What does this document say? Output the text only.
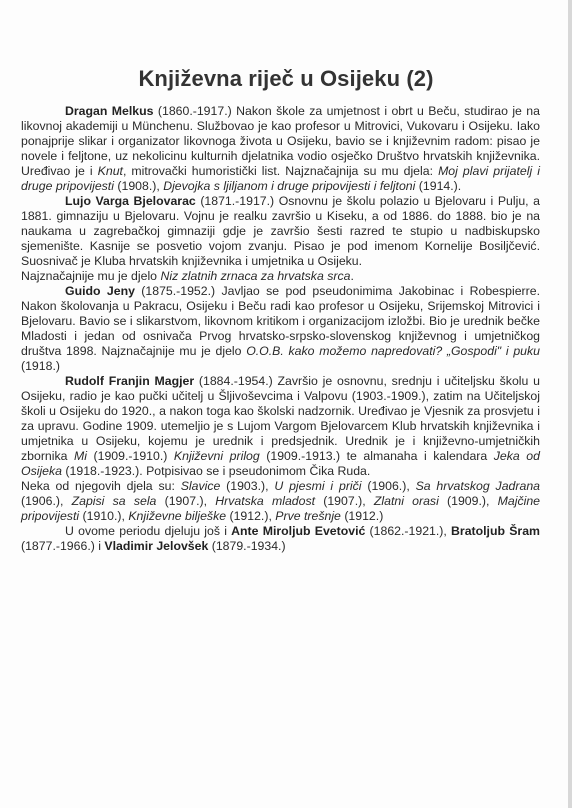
Književna riječ u Osijeku (2)

Dragan Melkus (1860.-1917.) Nakon škole za umjetnost i obrt u Beču, studirao je na likovnoj akademiji u Münchenu. Službovao je kao profesor u Mitrovici, Vukovaru i Osijeku. Iako ponajprije slikar i organizator likovnoga života u Osijeku, bavio se i književnim radom: pisao je novele i feljtone, uz nekolicinu kulturnih djelatnika vodio osječko Društvo hrvatskih književnika. Uređivao je i Knut, mitrovački humoristički list. Najznačajnija su mu djela: Moj plavi prijatelj i druge pripovijesti (1908.), Djevojka s ljiljanom i druge pripovijesti i feljtoni (1914.).

Lujo Varga Bjelovarac (1871.-1917.) Osnovnu je školu polazio u Bjelovaru i Pulju, a 1881. gimnaziju u Bjelovaru. Vojnu je realku završio u Kiseku, a od 1886. do 1888. bio je na naukama u zagrebačkoj gimnaziji gdje je završio šesti razred te stupio u nadbiskupsko sjemenište. Kasnije se posvetio vojom zvanju. Pisao je pod imenom Kornelije Bosiljčević. Suosnivač je Kluba hrvatskih književnika i umjetnika u Osijeku.

Najznačajnije mu je djelo Niz zlatnih zrnaca za hrvatska srca.

Guido Jeny (1875.-1952.) Javljao se pod pseudonimima Jakobinac i Robespierre. Nakon školovanja u Pakracu, Osijeku i Beču radi kao profesor u Osijeku, Srijemskoj Mitrovici i Bjelovaru. Bavio se i slikarstvom, likovnom kritikom i organizacijom izložbi. Bio je urednik bečke Mladosti i jedan od osnivača Prvog hrvatsko-srpsko-slovenskog književnog i umjetničkog društva 1898. Najznačajnije mu je djelo O.O.B. kako možemo napredovati? „Gospodi" i puku (1918.)

Rudolf Franjin Magjer (1884.-1954.) Završio je osnovnu, srednju i učiteljsku školu u Osijeku, radio je kao pučki učitelj u Šljivoševcima i Valpovu (1903.-1909.), zatim na Učiteljskoj školi u Osijeku do 1920., a nakon toga kao školski nadzornik. Uređivao je Vjesnik za prosvjetu i za upravu. Godine 1909. utemeljio je s Lujom Vargom Bjelovarcem Klub hrvatskih književnika i umjetnika u Osijeku, kojemu je urednik i predsjednik. Urednik je i književno-umjetničkih zbornika Mi (1909.-1910.) Književni prilog (1909.-1913.) te almanaha i kalendara Jeka od Osijeka (1918.-1923.). Potpisivao se i pseudonimom Čika Ruda.

Neka od njegovih djela su: Slavice (1903.), U pjesmi i priči (1906.), Sa hrvatskog Jadrana (1906.), Zapisi sa sela (1907.), Hrvatska mladost (1907.), Zlatni orasi (1909.), Majčine pripovijesti (1910.), Književne bilješke (1912.), Prve trešnje (1912.)

U ovome periodu djeluju još i Ante Miroljub Evetović (1862.-1921.), Bratoljub Šram (1877.-1966.) i Vladimir Jelovšek (1879.-1934.)
